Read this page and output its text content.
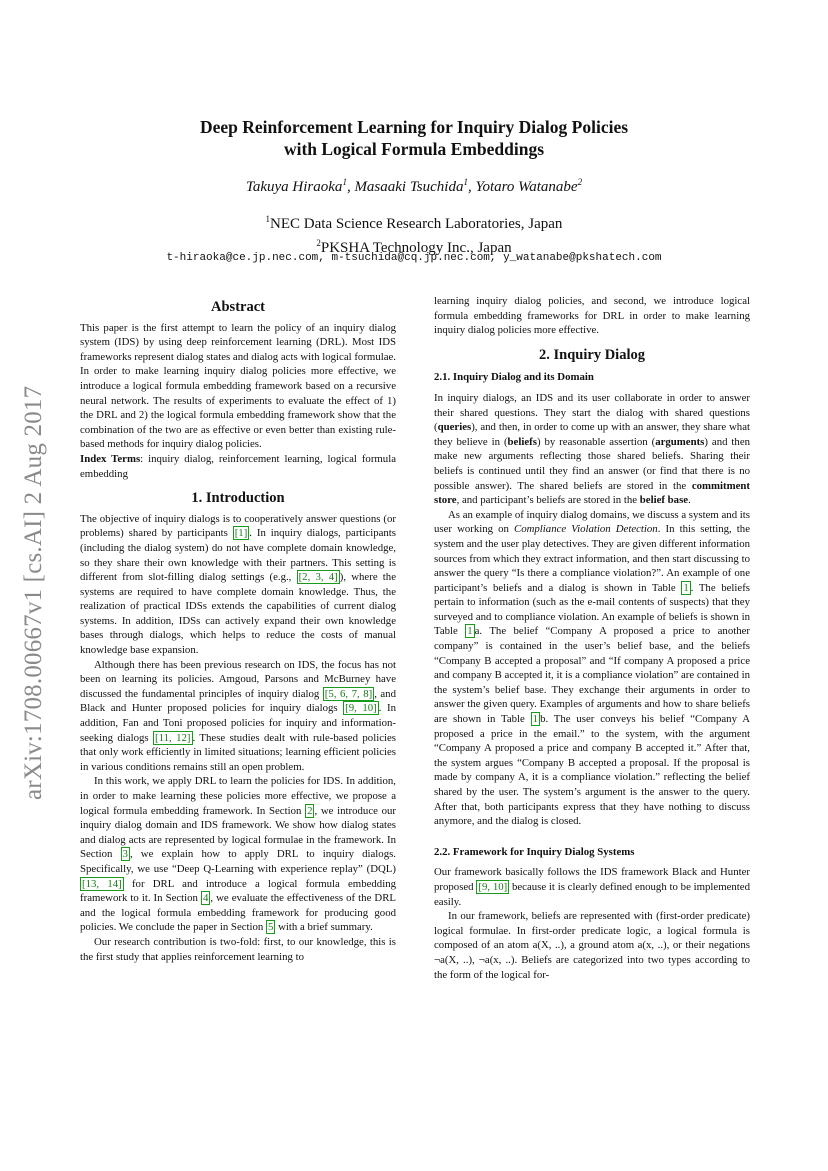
arXiv:1708.00667v1 [cs.AI] 2 Aug 2017
Deep Reinforcement Learning for Inquiry Dialog Policies
with Logical Formula Embeddings
Takuya Hiraoka$^1$, Masaaki Tsuchida$^1$, Yotaro Watanabe$^2$
$^1$NEC Data Science Research Laboratories, Japan
$^2$PKSHA Technology Inc., Japan
t-hiraoka@ce.jp.nec.com, m-tsuchida@cq.jp.nec.com, y_watanabe@pkshatech.com
Abstract

This paper is the first attempt to learn the policy of an inquiry dialog system (IDS) by using deep reinforcement learning (DRL). Most IDS frameworks represent dialog states and dialog acts with logical formulae. In order to make learning inquiry dialog policies more effective, we introduce a logical formula embedding framework based on a recursive neural network. The results of experiments to evaluate the effect of 1) the DRL and 2) the logical formula embedding framework show that the combination of the two are as effective or even better than existing rule-based methods for inquiry dialog policies.

Index Terms: inquiry dialog, reinforcement learning, logical formula embedding

1. Introduction

The objective of inquiry dialogs is to cooperatively answer questions (or problems) shared by participants [1] . In inquiry dialogs, participants (including the dialog system) do not have complete domain knowledge, so they share their own knowledge with their partners. This setting is different from slot-filling dialog settings (e.g., [2, 3, 4] ), where the systems are required to have complete domain knowledge. Thus, the realization of practical IDSs extends the capabilities of current dialog systems. In addition, IDSs can actively expand their own knowledge bases through dialogs, which helps to reduce the costs of manual knowledge base expansion.

Although there has been previous research on IDS, the focus has not been on learning its policies. Amgoud, Parsons and McBurney have discussed the fundamental principles of inquiry dialog [5, 6, 7, 8] , and Black and Hunter proposed policies for inquiry dialogs [9, 10] . In addition, Fan and Toni proposed policies for inquiry and information-seeking dialogs [11, 12] . These studies dealt with rule-based policies that only work efficiently in limited situations; learning efficient policies in various conditions remains still an open problem.

In this work, we apply DRL to learn the policies for IDS. In addition, in order to make learning these policies more effective, we propose a logical formula embedding framework. In Section 2 , we introduce our inquiry dialog domain and IDS framework. We show how dialog states and dialog acts are represented by logical formulae in the framework. In Section 3 , we explain how to apply DRL to inquiry dialogs. Specifically, we use “Deep Q-Learning with experience replay” (DQL) [13, 14] for DRL and introduce a logical formula embedding framework to it. In Section 4 , we evaluate the effectiveness of the DRL and the logical formula embedding framework for producing good policies. We conclude the paper in Section 5 with a brief summary.

Our research contribution is two-fold: first, to our knowledge, this is the first study that applies reinforcement learning to

learning inquiry dialog policies, and second, we introduce logical formula embedding frameworks for DRL in order to make learning inquiry dialog policies more effective.

2. Inquiry Dialog
2.1. Inquiry Dialog and its Domain

In inquiry dialogs, an IDS and its user collaborate in order to answer their shared questions. They start the dialog with shared questions (queries), and then, in order to come up with an answer, they share what they believe in (beliefs) by reasonable assertion (arguments) and then make new arguments reflecting those shared beliefs. Sharing their beliefs is continued until they find an answer (or find that there is no possible answer). The shared beliefs are stored in the commitment store, and participant’s beliefs are stored in the belief base.

As an example of inquiry dialog domains, we discuss a system and its user working on Compliance Violation Detection. In this setting, the system and the user play detectives. They are given different information sources from which they extract information, and then start discussing to answer the query “Is there a compliance violation?”. An example of one participant’s beliefs and a dialog is shown in Table 1 . The beliefs pertain to information (such as the e-mail contents of suspects) that they surveyed and to compliance violation. An example of beliefs is shown in Table 1 a. The belief “Company A proposed a price to another company” is contained in the user’s belief base, and the beliefs “Company B accepted a proposal” and “If company A proposed a price and company B accepted it, it is a compliance violation” are contained in the system’s belief base. They exchange their arguments in order to answer the given query. Examples of arguments and how to share beliefs are shown in Table 1 b. The user conveys his belief “Company A proposed a price in the email.” to the system, with the argument “Company A proposed a price and company B accepted it.” After that, the system argues “Company B accepted a proposal. If the proposal is made by company A, it is a compliance violation.” reflecting the belief shared by the user. The system’s argument is the answer to the query. After that, both participants express that they have nothing to discuss anymore, and the dialog is closed.

2.2. Framework for Inquiry Dialog Systems

Our framework basically follows the IDS framework Black and Hunter proposed [9, 10] because it is clearly defined enough to be implemented easily.

In our framework, beliefs are represented with (first-order predicate) logical formulae. In first-order predicate logic, a logical formula is composed of an atom a(X, ..), a ground atom a(x, ..), or their negations ¬a(X, ..), ¬a(x, ..). Beliefs are categorized into two types according to the form of the logical for-
